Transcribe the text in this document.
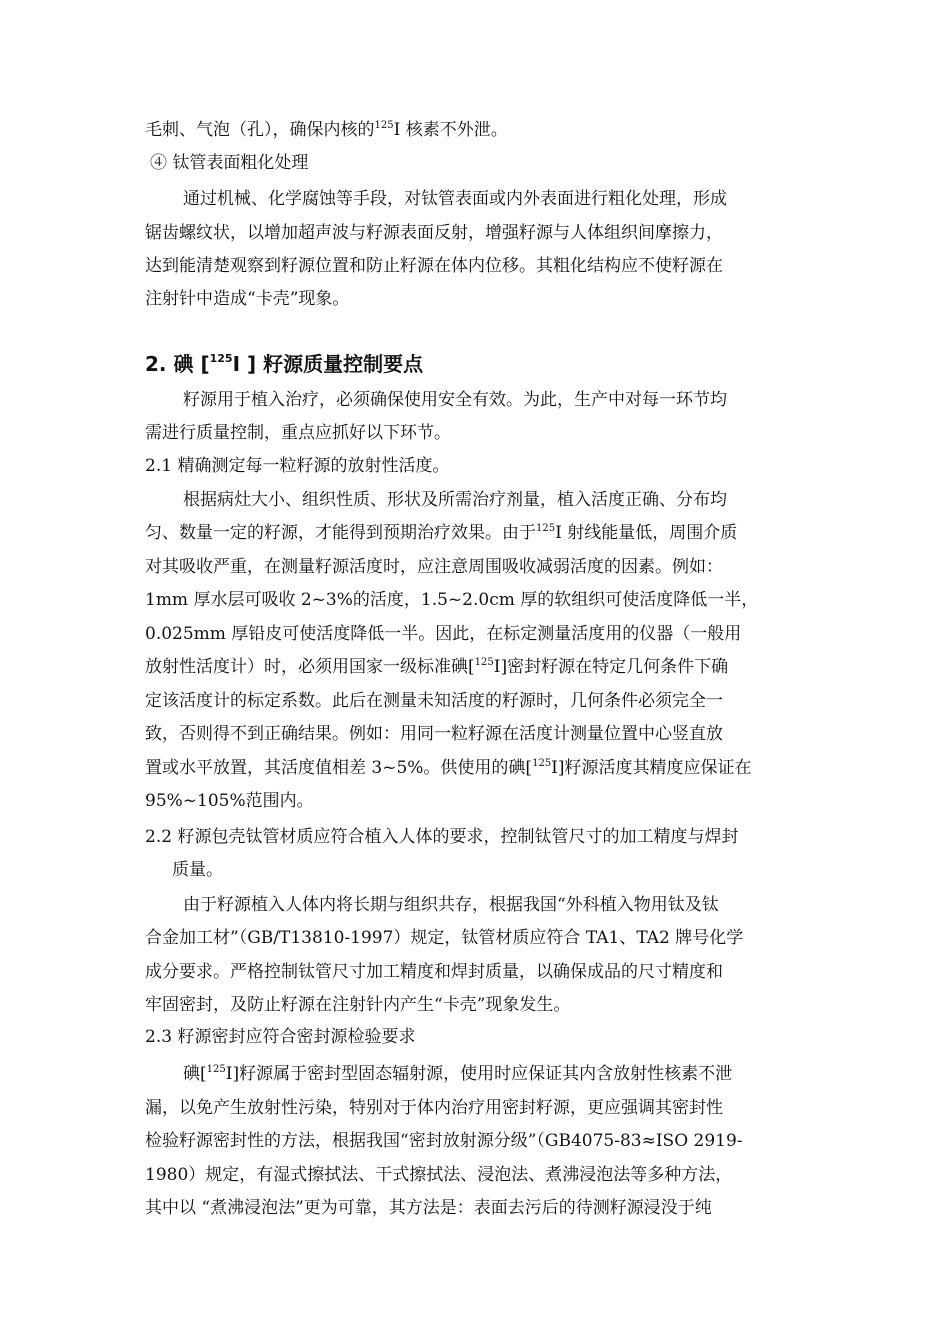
毛刺、气泡（孔），确保内核的$^{125}$I 核素不外泄。
④ 钛管表面粗化处理
通过机械、化学腐蚀等手段，对钛管表面或内外表面进行粗化处理，形成
锯齿螺纹状，以增加超声波与籽源表面反射，增强籽源与人体组织间摩擦力，
达到能清楚观察到籽源位置和防止籽源在体内位移。其粗化结构应不使籽源在
注射针中造成“卡壳”现象。
2. 碘 [$^{125}$I ] 籽源质量控制要点
籽源用于植入治疗，必须确保使用安全有效。为此，生产中对每一环节均
需进行质量控制，重点应抓好以下环节。
2.1 精确测定每一粒籽源的放射性活度。
根据病灶大小、组织性质、形状及所需治疗剂量，植入活度正确、分布均
匀、数量一定的籽源，才能得到预期治疗效果。由于$^{125}$I 射线能量低，周围介质
对其吸收严重，在测量籽源活度时，应注意周围吸收减弱活度的因素。例如：
1mm 厚水层可吸收 2~3%的活度，1.5~2.0cm 厚的软组织可使活度降低一半，
0.025mm 厚铅皮可使活度降低一半。因此，在标定测量活度用的仪器（一般用
放射性活度计）时，必须用国家一级标准碘[$^{125}$I]密封籽源在特定几何条件下确
定该活度计的标定系数。此后在测量未知活度的籽源时，几何条件必须完全一
致，否则得不到正确结果。例如：用同一粒籽源在活度计测量位置中心竖直放
置或水平放置，其活度值相差 3~5%。供使用的碘[$^{125}$I]籽源活度其精度应保证在
95%~105%范围内。
2.2 籽源包壳钛管材质应符合植入人体的要求，控制钛管尺寸的加工精度与焊封
质量。
由于籽源植入人体内将长期与组织共存，根据我国“外科植入物用钛及钛
合金加工材”（GB/T13810-1997）规定，钛管材质应符合 TA1、TA2 牌号化学
成分要求。严格控制钛管尺寸加工精度和焊封质量，以确保成品的尺寸精度和
牢固密封，及防止籽源在注射针内产生“卡壳”现象发生。
2.3 籽源密封应符合密封源检验要求
碘[$^{125}$I]籽源属于密封型固态辐射源，使用时应保证其内含放射性核素不泄
漏，以免产生放射性污染，特别对于体内治疗用密封籽源，更应强调其密封性
检验籽源密封性的方法，根据我国“密封放射源分级”（GB4075-83≈ISO 2919-
1980）规定，有湿式擦拭法、干式擦拭法、浸泡法、煮沸浸泡法等多种方法，
其中以 “煮沸浸泡法”更为可靠，其方法是：表面去污后的待测籽源浸没于纯
